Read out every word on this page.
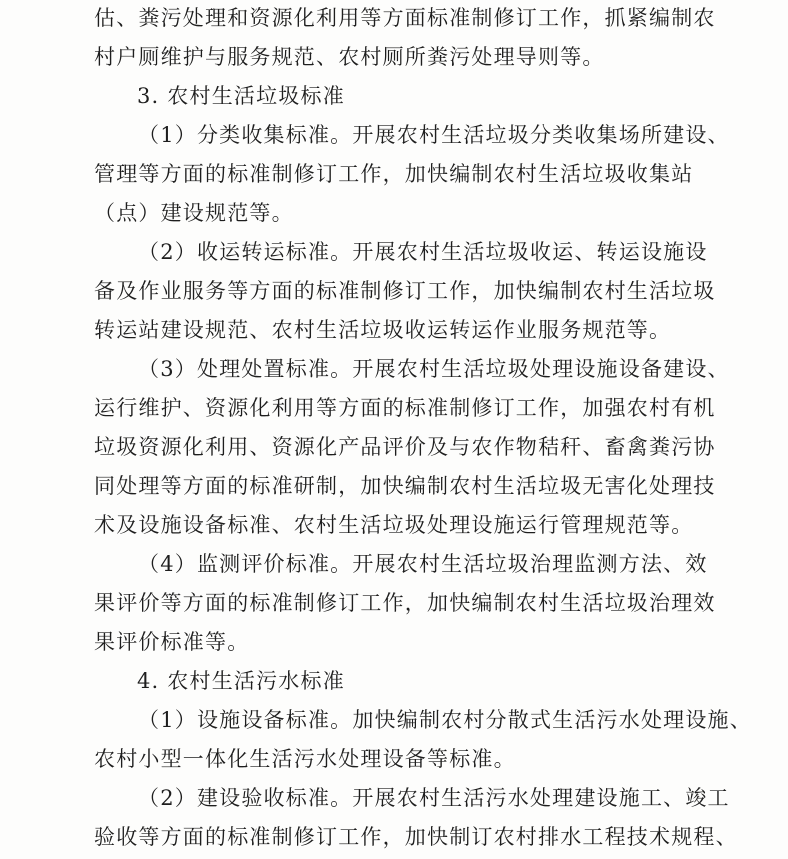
估、粪污处理和资源化利用等方面标准制修订工作，抓紧编制农
村户厕维护与服务规范、农村厕所粪污处理导则等。
3. 农村生活垃圾标准
（1）分类收集标准。开展农村生活垃圾分类收集场所建设、
管理等方面的标准制修订工作，加快编制农村生活垃圾收集站
（点）建设规范等。
（2）收运转运标准。开展农村生活垃圾收运、转运设施设
备及作业服务等方面的标准制修订工作，加快编制农村生活垃圾
转运站建设规范、农村生活垃圾收运转运作业服务规范等。
（3）处理处置标准。开展农村生活垃圾处理设施设备建设、
运行维护、资源化利用等方面的标准制修订工作，加强农村有机
垃圾资源化利用、资源化产品评价及与农作物秸秆、畜禽粪污协
同处理等方面的标准研制，加快编制农村生活垃圾无害化处理技
术及设施设备标准、农村生活垃圾处理设施运行管理规范等。
（4）监测评价标准。开展农村生活垃圾治理监测方法、效
果评价等方面的标准制修订工作，加快编制农村生活垃圾治理效
果评价标准等。
4. 农村生活污水标准
（1）设施设备标准。加快编制农村分散式生活污水处理设施、
农村小型一体化生活污水处理设备等标准。
（2）建设验收标准。开展农村生活污水处理建设施工、竣工
验收等方面的标准制修订工作，加快制订农村排水工程技术规程、
